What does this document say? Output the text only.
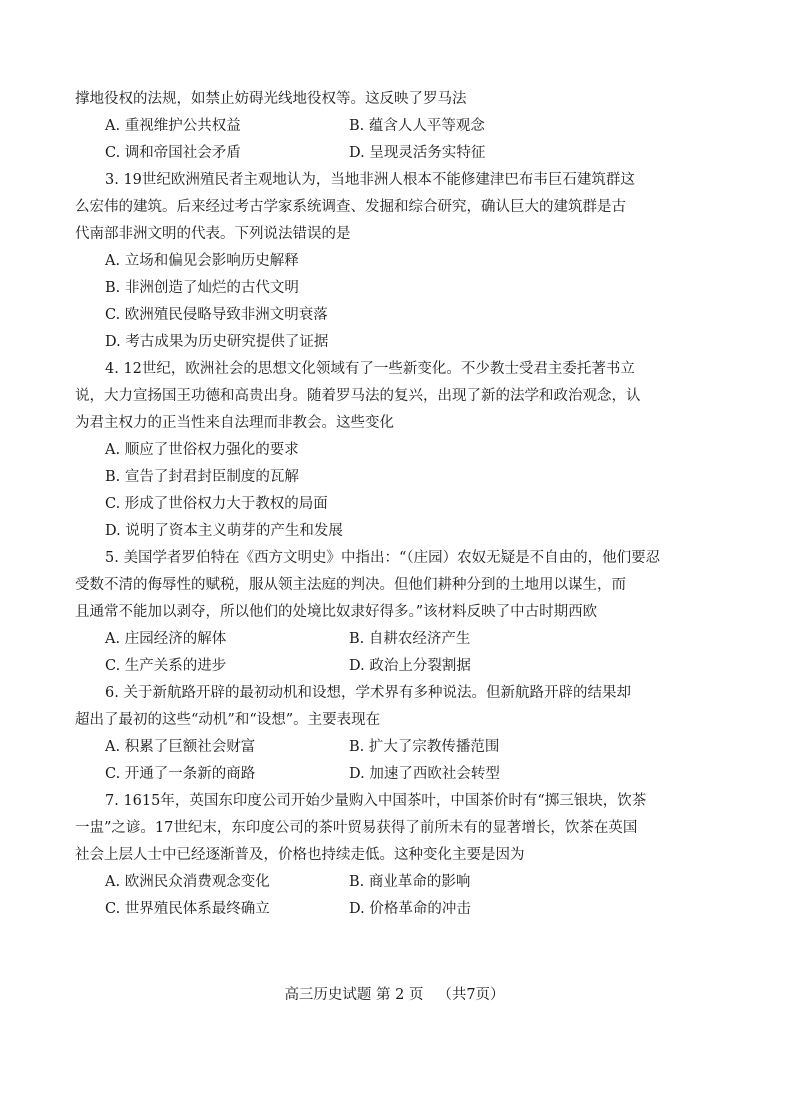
撑地役权的法规，如禁止妨碍光线地役权等。这反映了罗马法
A. 重视维护公共权益	B. 蕴含人人平等观念
C. 调和帝国社会矛盾	D. 呈现灵活务实特征
3. 19世纪欧洲殖民者主观地认为，当地非洲人根本不能修建津巴布韦巨石建筑群这
么宏伟的建筑。后来经过考古学家系统调查、发掘和综合研究，确认巨大的建筑群是古
代南部非洲文明的代表。下列说法错误的是
A. 立场和偏见会影响历史解释
B. 非洲创造了灿烂的古代文明
C. 欧洲殖民侵略导致非洲文明衰落
D. 考古成果为历史研究提供了证据
4. 12世纪，欧洲社会的思想文化领域有了一些新变化。不少教士受君主委托著书立
说，大力宣扬国王功德和高贵出身。随着罗马法的复兴，出现了新的法学和政治观念，认
为君主权力的正当性来自法理而非教会。这些变化
A. 顺应了世俗权力强化的要求
B. 宣告了封君封臣制度的瓦解
C. 形成了世俗权力大于教权的局面
D. 说明了资本主义萌芽的产生和发展
5. 美国学者罗伯特在《西方文明史》中指出：“（庄园）农奴无疑是不自由的，他们要忍
受数不清的侮辱性的赋税，服从领主法庭的判决。但他们耕种分到的土地用以谋生，而
且通常不能加以剥夺，所以他们的处境比奴隶好得多。”该材料反映了中古时期西欧
A. 庄园经济的解体	B. 自耕农经济产生
C. 生产关系的进步	D. 政治上分裂割据
6. 关于新航路开辟的最初动机和设想，学术界有多种说法。但新航路开辟的结果却
超出了最初的这些“动机”和“设想”。主要表现在
A. 积累了巨额社会财富	B. 扩大了宗教传播范围
C. 开通了一条新的商路	D. 加速了西欧社会转型
7. 1615年，英国东印度公司开始少量购入中国茶叶，中国茶价时有“掷三银块，饮茶
一盅”之谚。17世纪末，东印度公司的茶叶贸易获得了前所未有的显著增长，饮茶在英国
社会上层人士中已经逐渐普及，价格也持续走低。这种变化主要是因为
A. 欧洲民众消费观念变化	B. 商业革命的影响
C. 世界殖民体系最终确立	D. 价格革命的冲击
高三历史试题 第 2 页 （共7页）
